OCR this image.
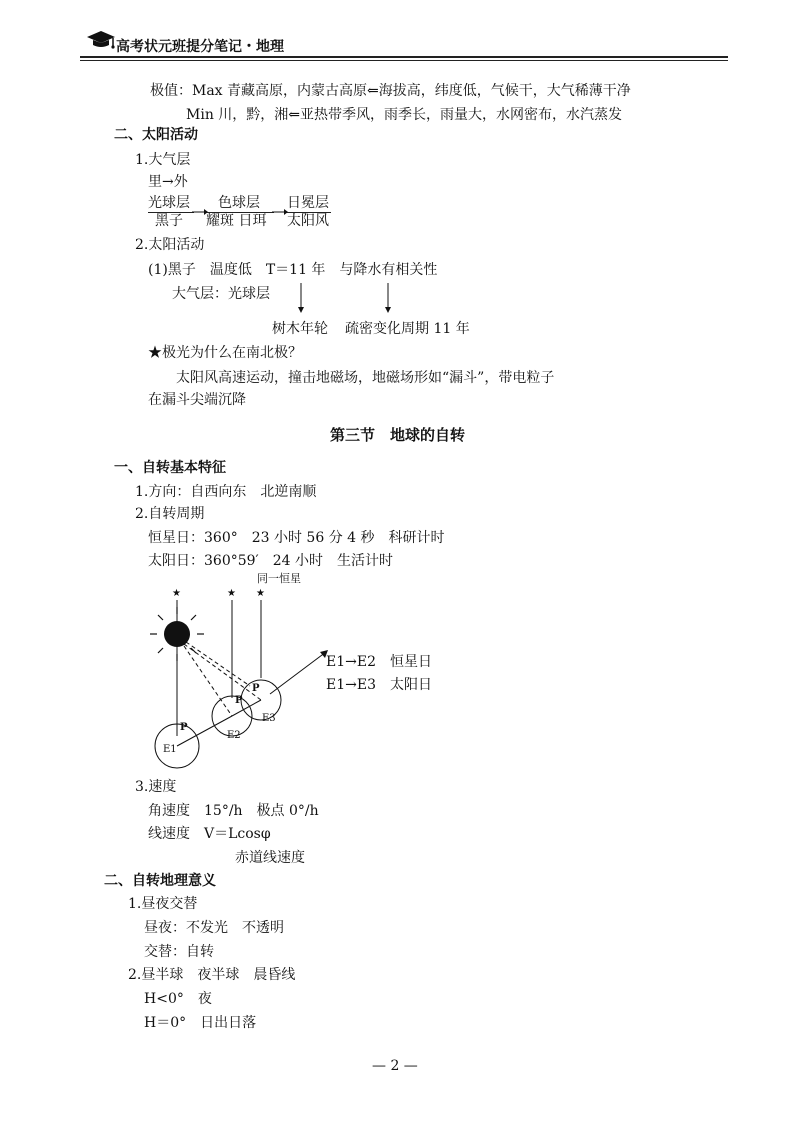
高考状元班提分笔记・地理
极值：Max 青藏高原，内蒙古高原⇐海拔高，纬度低，气候干，大气稀薄干净
Min 川，黔，湘⇐亚热带季风，雨季长，雨量大，水网密布，水汽蒸发
二、太阳活动
1.大气层
里→外
光球层 色球层 日冕层
黑子 耀斑 日珥 太阳风
2.太阳活动
(1)黑子　温度低　T＝11 年　与降水有相关性
大气层：光球层
树木年轮 疏密变化周期 11 年
★极光为什么在南北极？
太阳风高速运动，撞击地磁场，地磁场形如“漏斗”，带电粒子
在漏斗尖端沉降
第三节　地球的自转
一、自转基本特征
1.方向：自西向东　北逆南顺
2.自转周期
恒星日：360°　23 小时 56 分 4 秒　科研计时
太阳日：360°59′　24 小时　生活计时
同一恒星
★	★ ★
P
P
P
E1
E2
E3
E1→E2　恒星日
E1→E3　太阳日
3.速度
角速度　15°/h　极点 0°/h
线速度　V＝Lcosφ
赤道线速度
二、自转地理意义
1.昼夜交替
昼夜：不发光　不透明
交替：自转
2.昼半球　夜半球　晨昏线
H<0°　夜
H＝0°　日出日落
— 2 —
